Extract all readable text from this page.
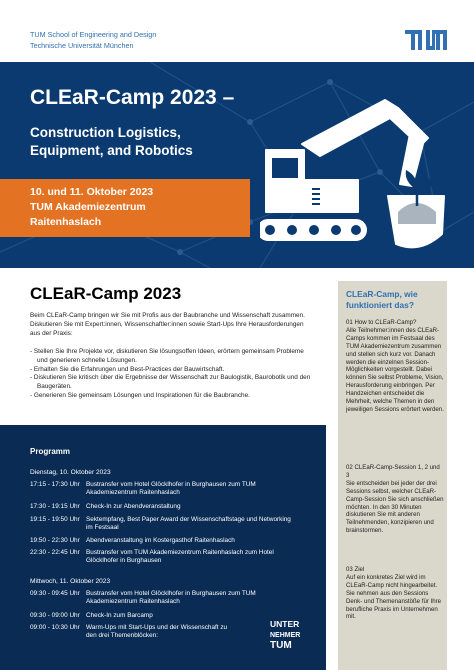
TUM School of Engineering and Design
Technische Universität München
CLEaR-Camp 2023 –
Construction Logistics,
Equipment, and Robotics
10. und 11. Oktober 2023
TUM Akademiezentrum
Raitenhaslach
CLEaR-Camp 2023
Beim CLEaR-Camp bringen wir Sie mit Profis aus der Baubranche und Wissenschaft zusammen. Diskutieren Sie mit Expert:innen, Wissenschaftler:innen sowie Start-Ups Ihre Herausforderungen aus der Praxis:
- Stellen Sie Ihre Projekte vor, diskutieren Sie lösungsoffen Ideen, erörtern gemeinsam Probleme und generieren schnelle Lösungen.
- Erhalten Sie die Erfahrungen und Best-Practices der Bauwirtschaft.
- Diskutieren Sie kritisch über die Ergebnisse der Wissenschaft zur Baulogistik, Baurobotik und den Baugeräten.
- Generieren Sie gemeinsam Lösungen und Inspirationen für die Baubranche.
CLEaR-Camp, wie funktioniert das?
01 How to CLEaR-Camp?
Alle Teilnehmer:innen des CLEaR-Camps kommen im Festsaal des TUM Akademiezentrum zusammen und stellen sich kurz vor. Danach werden die einzelnen Session-Möglichkeiten vorgestellt. Dabei können Sie selbst Probleme, Vision, Herausforderung einbringen. Per Handzeichen entscheidet die Mehrheit, welche Themen in den jeweiligen Sessions erörtert werden.
02 CLEaR-Camp-Session 1, 2 und 3
Sie entscheiden bei jeder der drei Sessions selbst, welcher CLEaR-Camp-Session Sie sich anschließen möchten. In den 30 Minuten diskutieren Sie mit anderen Teilnehmenden, konzipieren und brainstormen.
03 Ziel
Auf ein konkretes Ziel wird im CLEaR-Camp nicht hingearbeitet. Sie nehmen aus den Sessions Denk- und Themenanstöße für Ihre berufliche Praxis im Unternehmen mit.
Programm
Dienstag, 10. Oktober 2023
17:15 - 17:30 Uhr Bustransfer vom Hotel Glöcklhofer in Burghausen zum TUM Akademiezentrum Raitenhaslach
17:30 - 19:15 Uhr Check-In zur Abendveranstaltung
19:15 - 19:50 Uhr Sektempfang, Best Paper Award der Wissenschaftstage und Networking im Festsaal
19:50 - 22:30 Uhr Abendveranstaltung im Kostergasthof Raitenhaslach
22:30 - 22:45 Uhr Bustransfer vom TUM Akademiezentrum Raitenhaslach zum Hotel Glöcklhofer in Burghausen
Mittwoch, 11. Oktober 2023
09:30 - 09:45 Uhr Bustransfer vom Hotel Glöcklhofer in Burghausen zum TUM Akademiezentrum Raitenhaslach
09:30 - 09:00 Uhr Check-In zum Barcamp
09:00 - 10:30 Uhr Warm-Ups mit Start-Ups und der Wissenschaft zu den drei Themenblöcken:
UNTER
NEHMER
TUM
